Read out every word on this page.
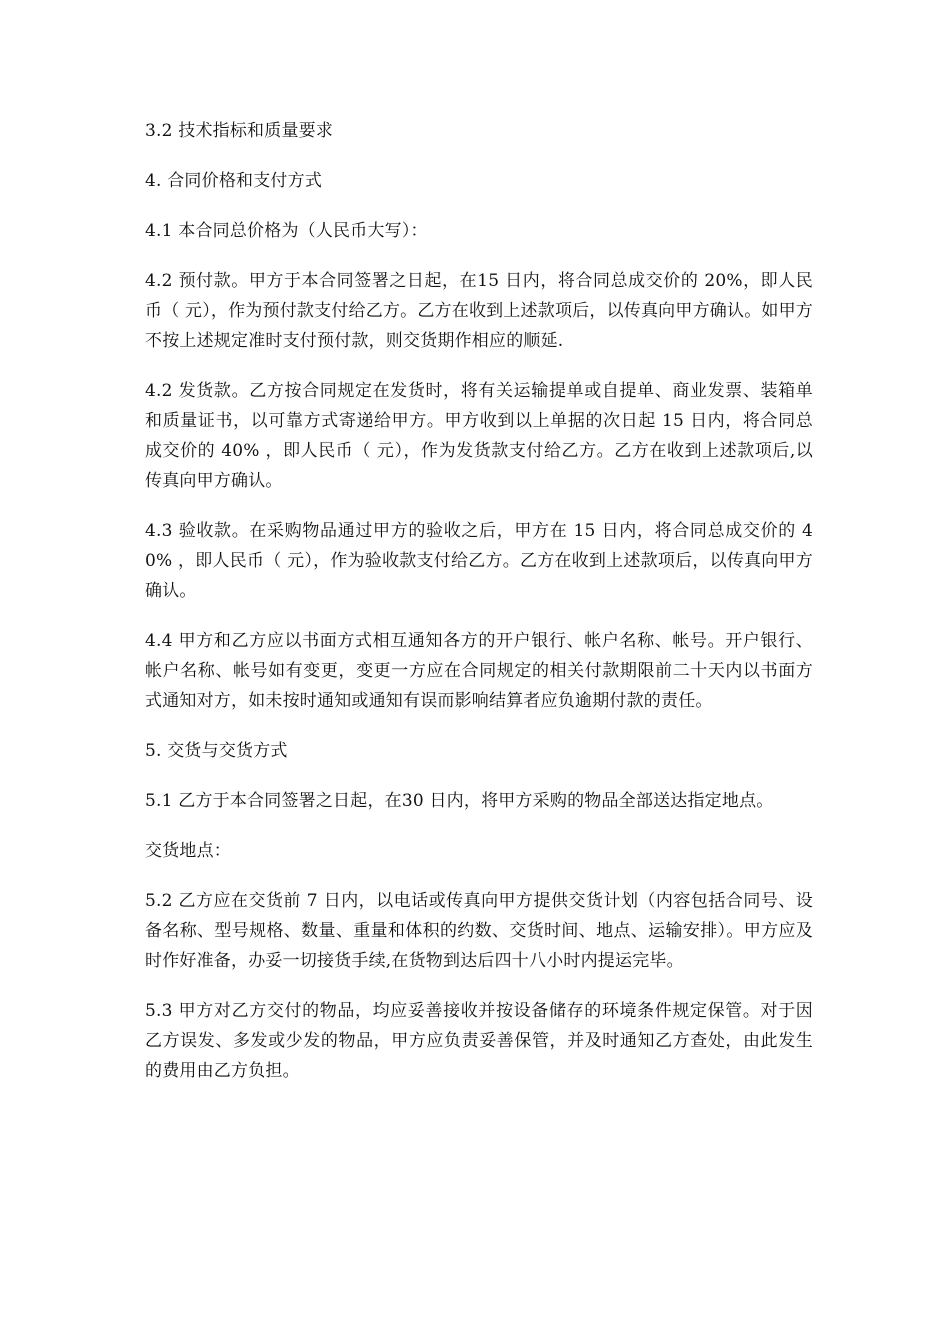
3.2 技术指标和质量要求

4. 合同价格和支付方式

4.1 本合同总价格为（人民币大写）：

4.2 预付款。甲方于本合同签署之日起，在15 日内，将合同总成交价的 20%，即人民币（ 元），作为预付款支付给乙方。乙方在收到上述款项后，以传真向甲方确认。如甲方不按上述规定准时支付预付款，则交货期作相应的顺延.

4.2 发货款。乙方按合同规定在发货时，将有关运输提单或自提单、商业发票、装箱单和质量证书，以可靠方式寄递给甲方。甲方收到以上单据的次日起 15 日内，将合同总成交价的 40% ，即人民币（ 元），作为发货款支付给乙方。乙方在收到上述款项后,以传真向甲方确认。

4.3 验收款。在采购物品通过甲方的验收之后，甲方在 15 日内，将合同总成交价的 40% ，即人民币（ 元），作为验收款支付给乙方。乙方在收到上述款项后，以传真向甲方确认。

4.4 甲方和乙方应以书面方式相互通知各方的开户银行、帐户名称、帐号。开户银行、帐户名称、帐号如有变更，变更一方应在合同规定的相关付款期限前二十天内以书面方式通知对方，如未按时通知或通知有误而影响结算者应负逾期付款的责任。

5. 交货与交货方式

5.1 乙方于本合同签署之日起，在30 日内，将甲方采购的物品全部送达指定地点。

交货地点：

5.2 乙方应在交货前 7 日内，以电话或传真向甲方提供交货计划（内容包括合同号、设备名称、型号规格、数量、重量和体积的约数、交货时间、地点、运输安排）。甲方应及时作好准备，办妥一切接货手续,在货物到达后四十八小时内提运完毕。

5.3 甲方对乙方交付的物品，均应妥善接收并按设备储存的环境条件规定保管。对于因乙方误发、多发或少发的物品，甲方应负责妥善保管，并及时通知乙方查处，由此发生的费用由乙方负担。
